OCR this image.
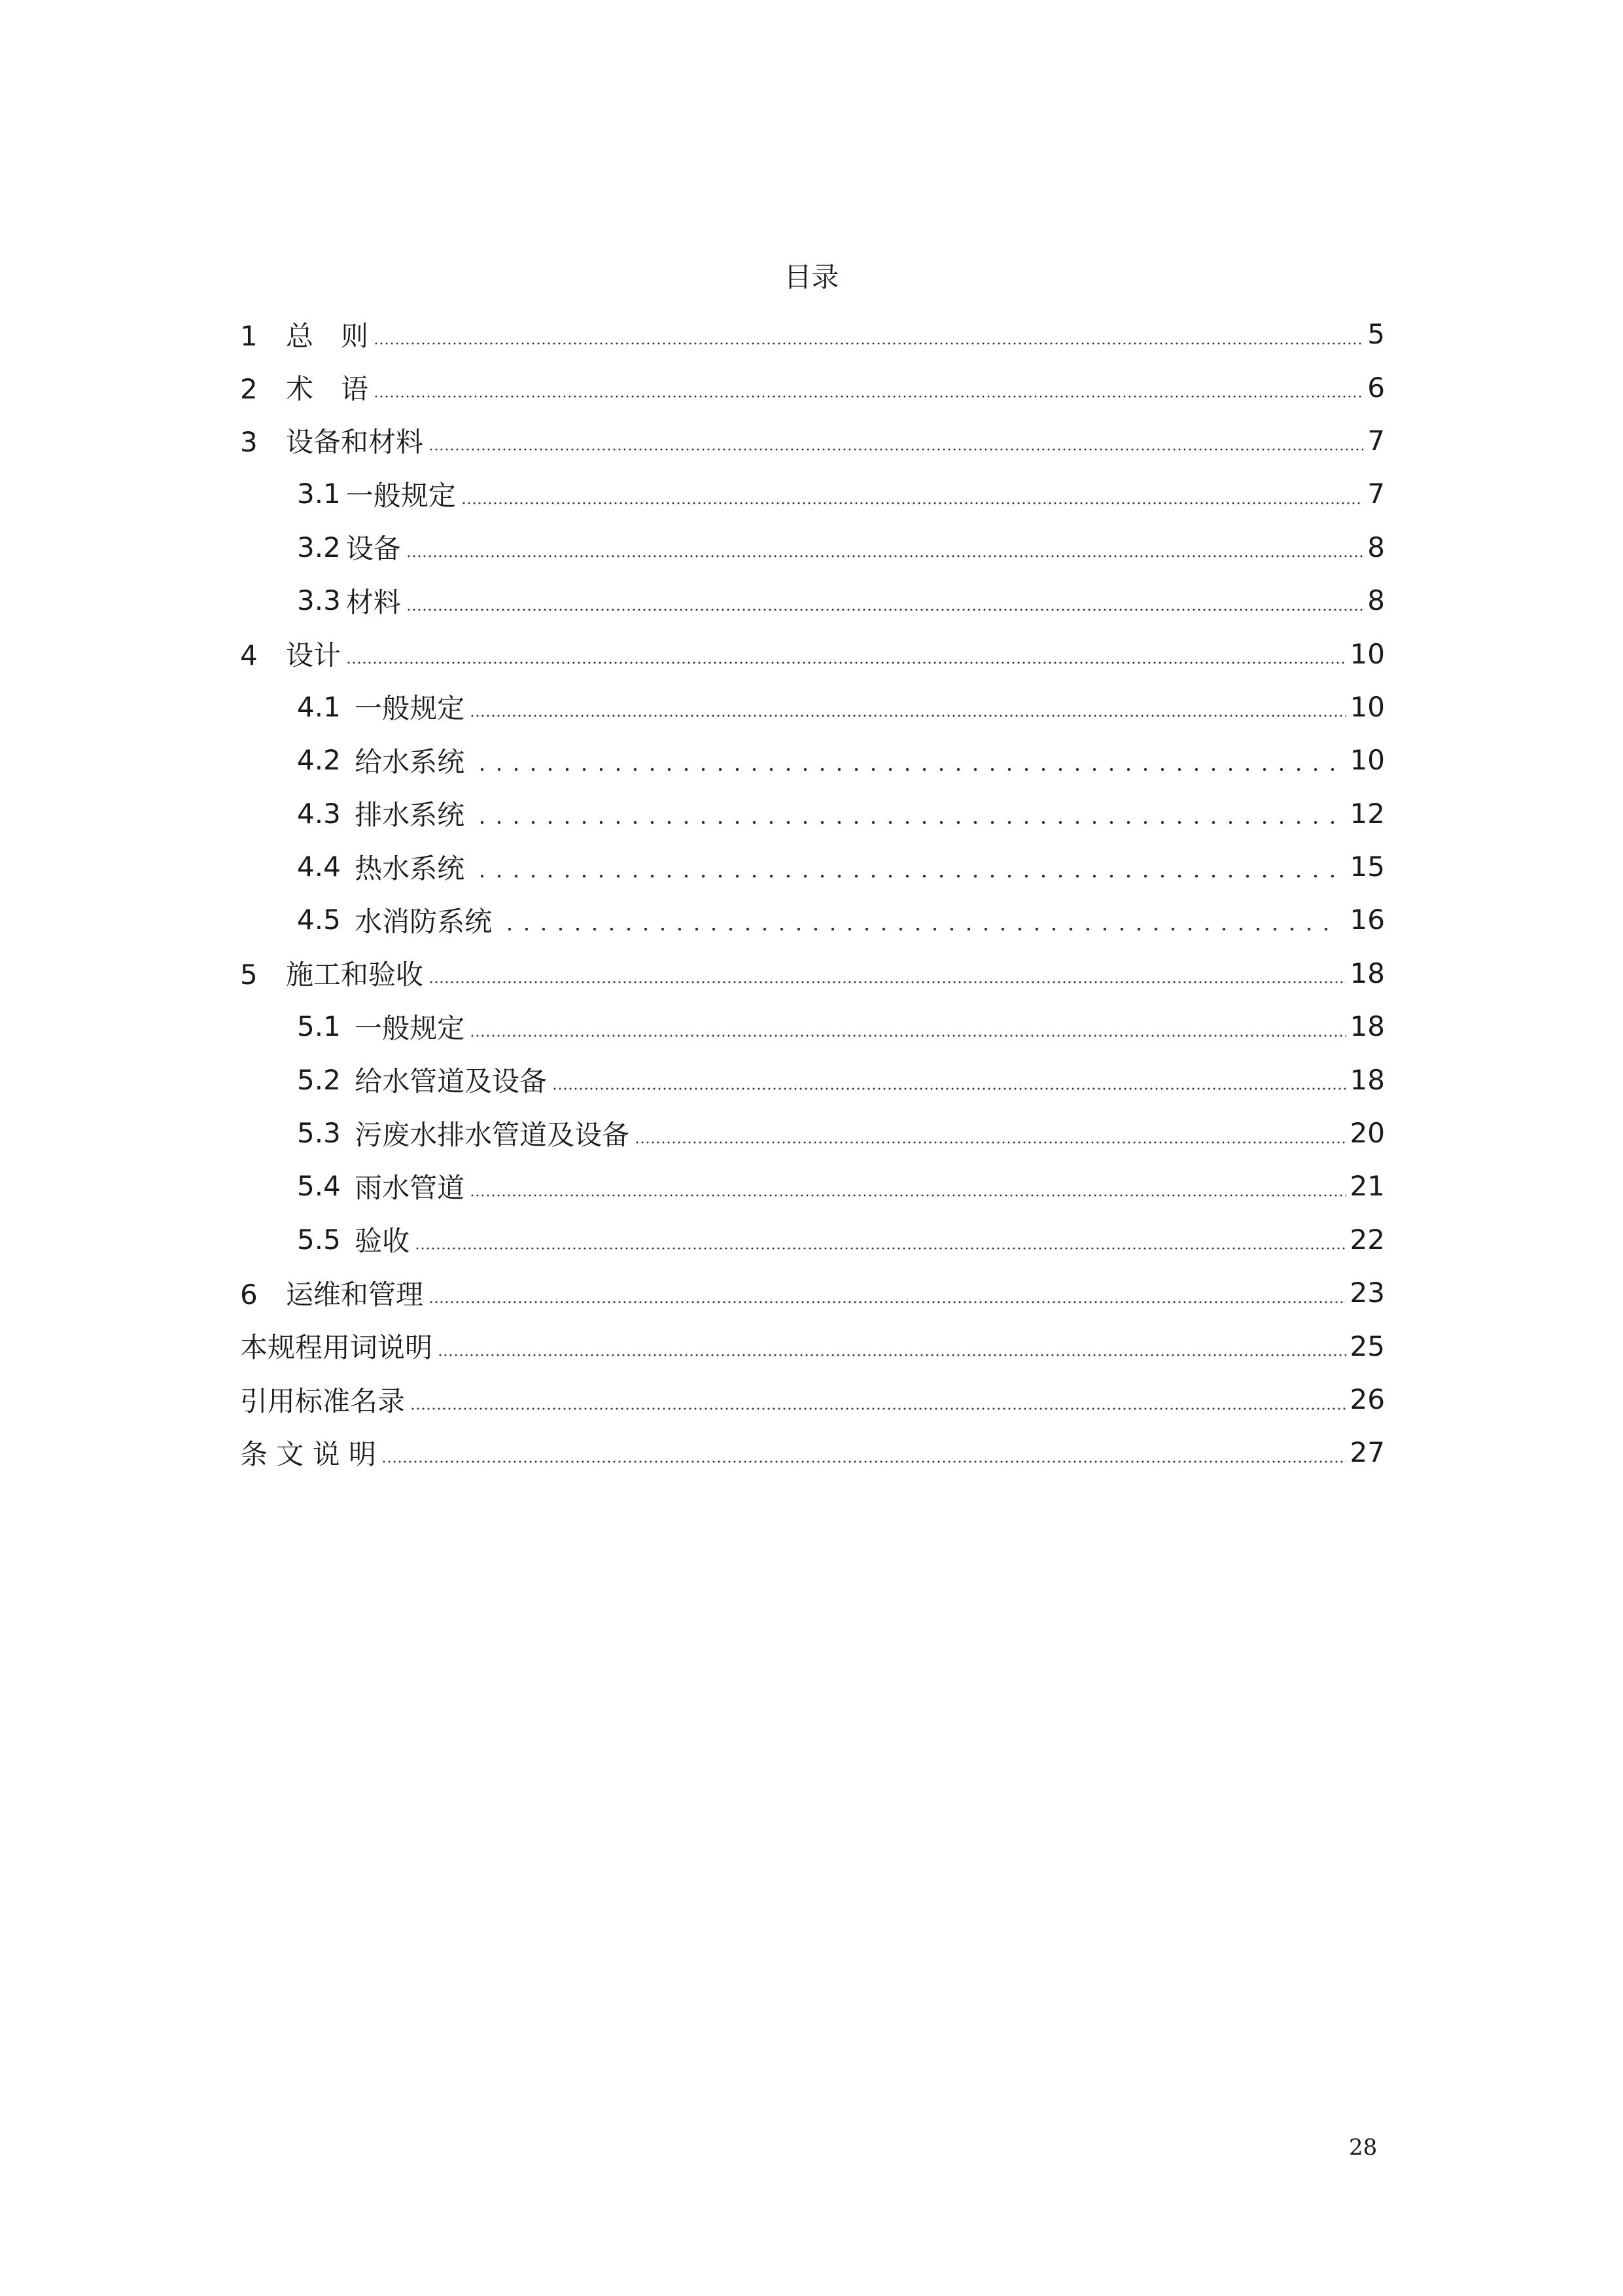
目录
1　 总　则	5
2　 术　语	6
3　 设备和材料	7
3.1 一般规定	7
3.2 设备	8
3.3 材料	8
4　 设计	10
4.1 一般规定	10
4.2 给水系统	10
4.3 排水系统	12
4.4 热水系统	15
4.5 水消防系统	16
5　 施工和验收	18
5.1 一般规定	18
5.2 给水管道及设备	18
5.3 污废水排水管道及设备	20
5.4 雨水管道	21
5.5 验收	22
6　 运维和管理	23
本规程用词说明	25
引用标准名录	26
条 文 说 明	27
28
